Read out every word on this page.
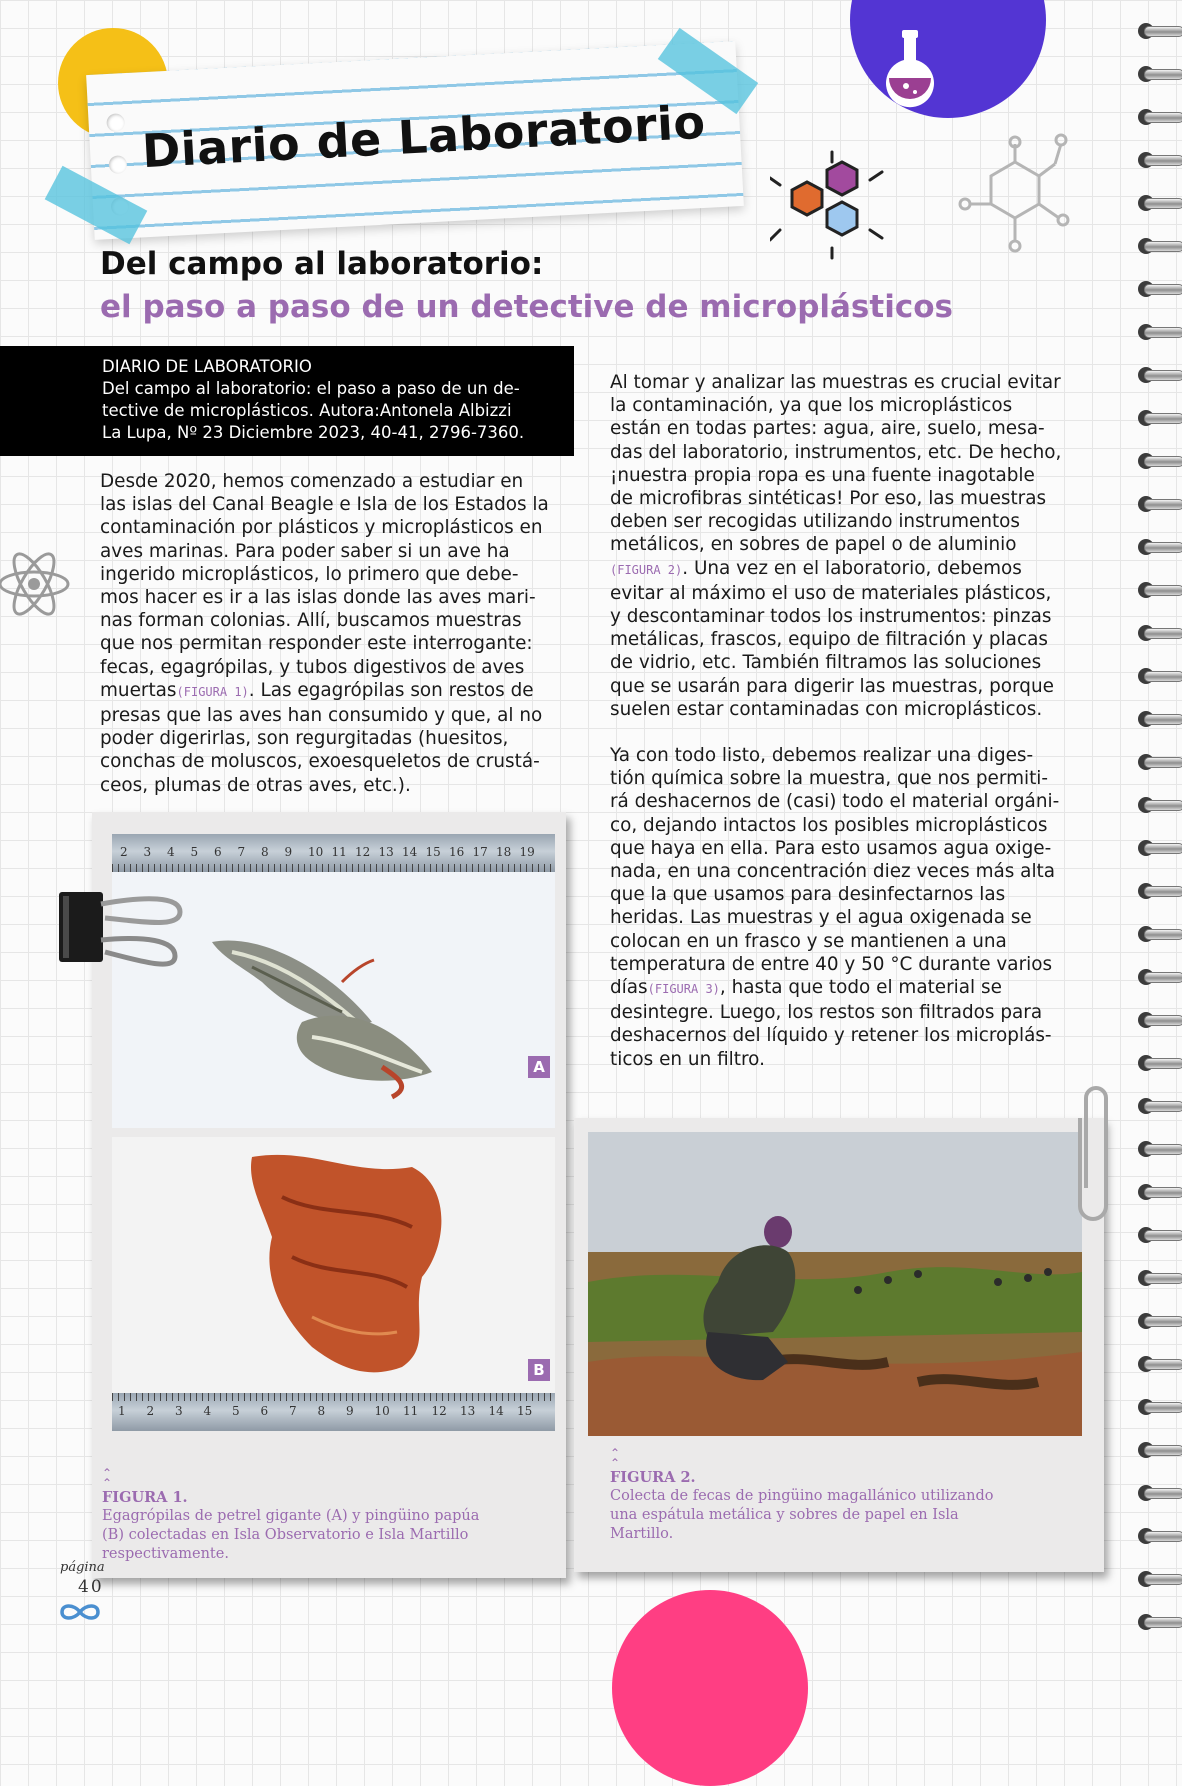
Diario de Laboratorio
Del campo al laboratorio:
el paso a paso de un detective de microplásticos
DIARIO DE LABORATORIO
Del campo al laboratorio: el paso a paso de un de-
tective de microplásticos. Autora:Antonela Albizzi
La Lupa, Nº 23 Diciembre 2023, 40-41, 2796-7360.
Desde 2020, hemos comenzado a estudiar en
las islas del Canal Beagle e Isla de los Estados la
contaminación por plásticos y microplásticos en
aves marinas. Para poder saber si un ave ha
ingerido microplásticos, lo primero que debe-
mos hacer es ir a las islas donde las aves mari-
nas forman colonias. Allí, buscamos muestras
que nos permitan responder este interrogante:
fecas, egagrópilas, y tubos digestivos de aves
muertas(FIGURA 1). Las egagrópilas son restos de
presas que las aves han consumido y que, al no
poder digerirlas, son regurgitadas (huesitos,
conchas de moluscos, exoesqueletos de crustá-
ceos, plumas de otras aves, etc.).
Al tomar y analizar las muestras es crucial evitar
la contaminación, ya que los microplásticos
están en todas partes: agua, aire, suelo, mesa-
das del laboratorio, instrumentos, etc. De hecho,
¡nuestra propia ropa es una fuente inagotable
de microfibras sintéticas! Por eso, las muestras
deben ser recogidas utilizando instrumentos
metálicos, en sobres de papel o de aluminio
(FIGURA 2). Una vez en el laboratorio, debemos
evitar al máximo el uso de materiales plásticos,
y descontaminar todos los instrumentos: pinzas
metálicas, frascos, equipo de filtración y placas
de vidrio, etc. También filtramos las soluciones
que se usarán para digerir las muestras, porque
suelen estar contaminadas con microplásticos.
Ya con todo listo, debemos realizar una diges-
tión química sobre la muestra, que nos permiti-
rá deshacernos de (casi) todo el material orgáni-
co, dejando intactos los posibles microplásticos
que haya en ella. Para esto usamos agua oxige-
nada, en una concentración diez veces más alta
que la que usamos para desinfectarnos las
heridas. Las muestras y el agua oxigenada se
colocan en un frasco y se mantienen a una
temperatura de entre 40 y 50 °C durante varios
días(FIGURA 3), hasta que todo el material se
desintegre. Luego, los restos son filtrados para
deshacernos del líquido y retener los microplás-
ticos en un filtro.
2 3 4 5 6 7 8 9 10 11 12 13 14 15 16 17 18 19
A
1 2 3 4 5 6 7 8 9 10 11 12 13 14 15
B
⌃
⌃
FIGURA 1.
Egagrópilas de petrel gigante (A) y pingüino papúa
(B) colectadas en Isla Observatorio e Isla Martillo
respectivamente.
⌃
⌃
FIGURA 2.
Colecta de fecas de pingüino magallánico utilizando
una espátula metálica y sobres de papel en Isla
Martillo.
página
40
